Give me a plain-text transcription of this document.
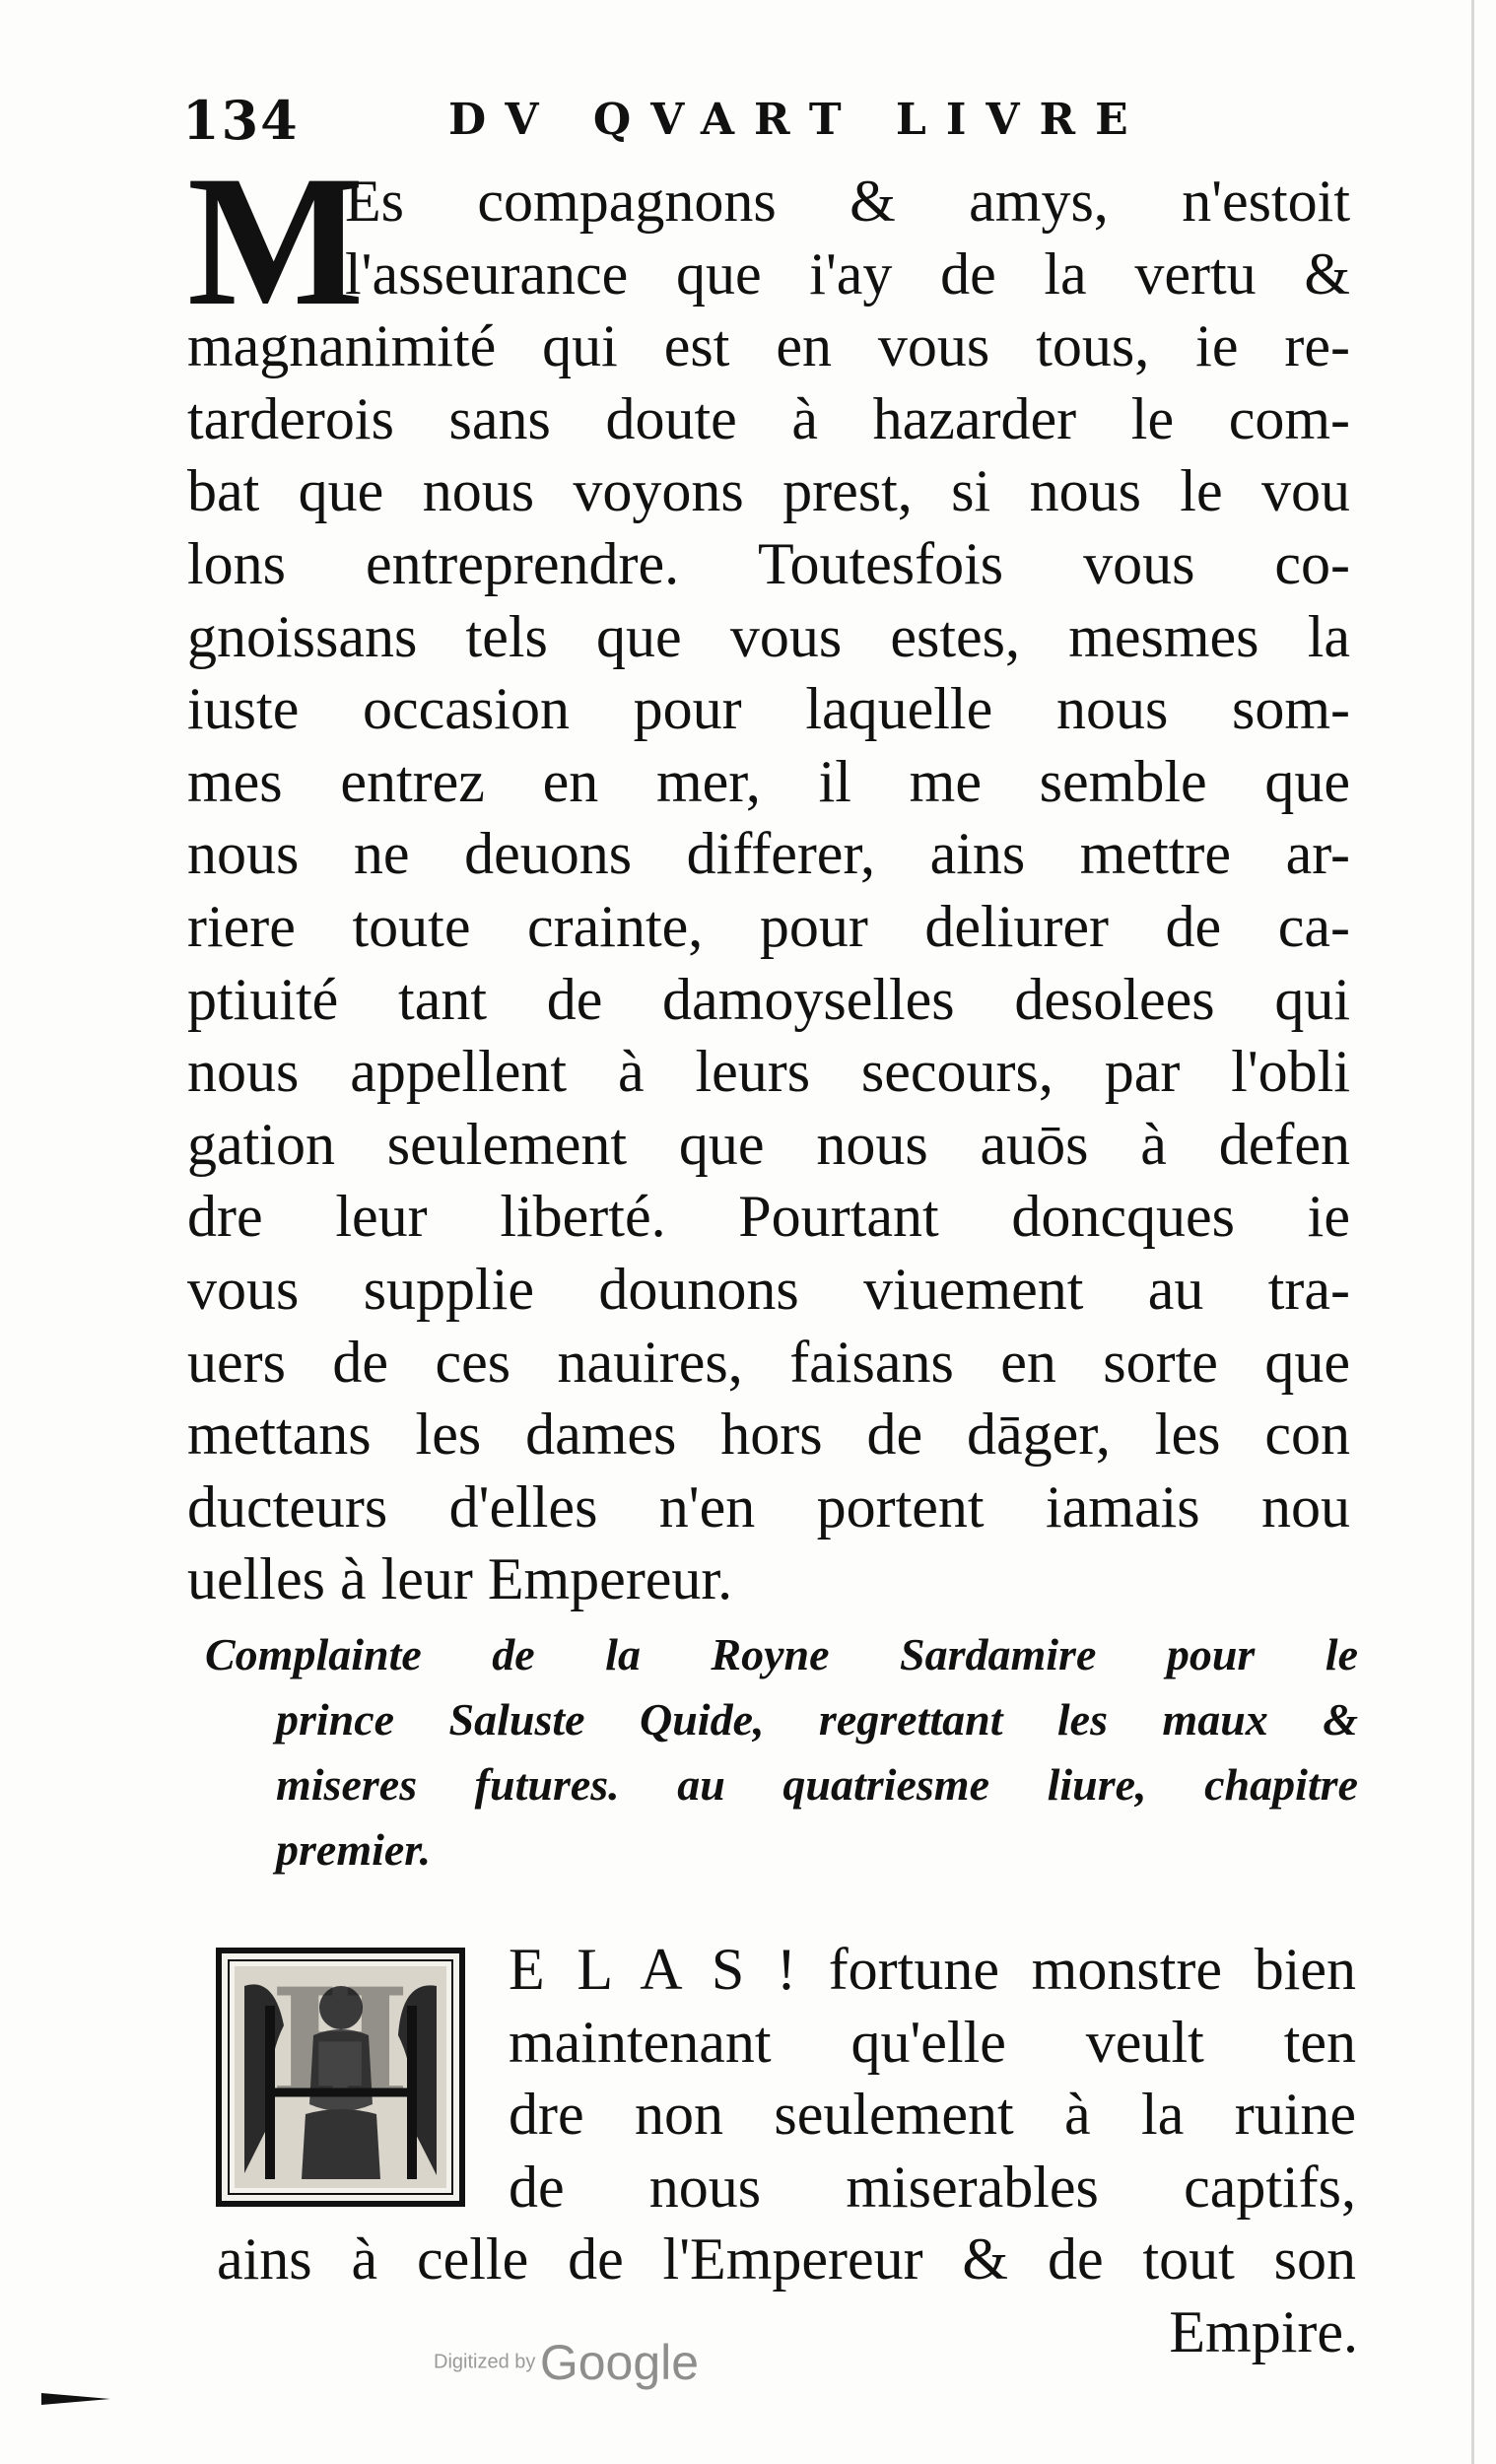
134	DV QVART LIVRE
M
Es compagnons & amys, n'estoit
l'asseurance que i'ay de la vertu &
magnanimité qui est en vous tous, ie re-
tarderois sans doute à hazarder le com-
bat que nous voyons prest, si nous le vou
lons entreprendre. Toutesfois vous co-
gnoissans tels que vous estes, mesmes la
iuste occasion pour laquelle nous som-
mes entrez en mer, il me semble que
nous ne deuons differer, ains mettre ar-
riere toute crainte, pour deliurer de ca-
ptiuité tant de damoyselles desolees qui
nous appellent à leurs secours, par l'obli
gation seulement que nous auōs à defen
dre leur liberté. Pourtant doncques ie
vous supplie dounons viuement au tra-
uers de ces nauires, faisans en sorte que
mettans les dames hors de dāger, les con
ducteurs d'elles n'en portent iamais nou
uelles à leur Empereur.
Complainte de la Royne Sardamire pour le
prince Saluste Quide, regrettant les maux &
miseres futures. au quatriesme liure, chapitre
premier.
H E L A S ! fortune monstre bien
maintenant qu'elle veult ten
dre non seulement à la ruine
de nous miserables captifs,
ains à celle de l'Empereur & de tout son
Empire.
Digitized by Google
